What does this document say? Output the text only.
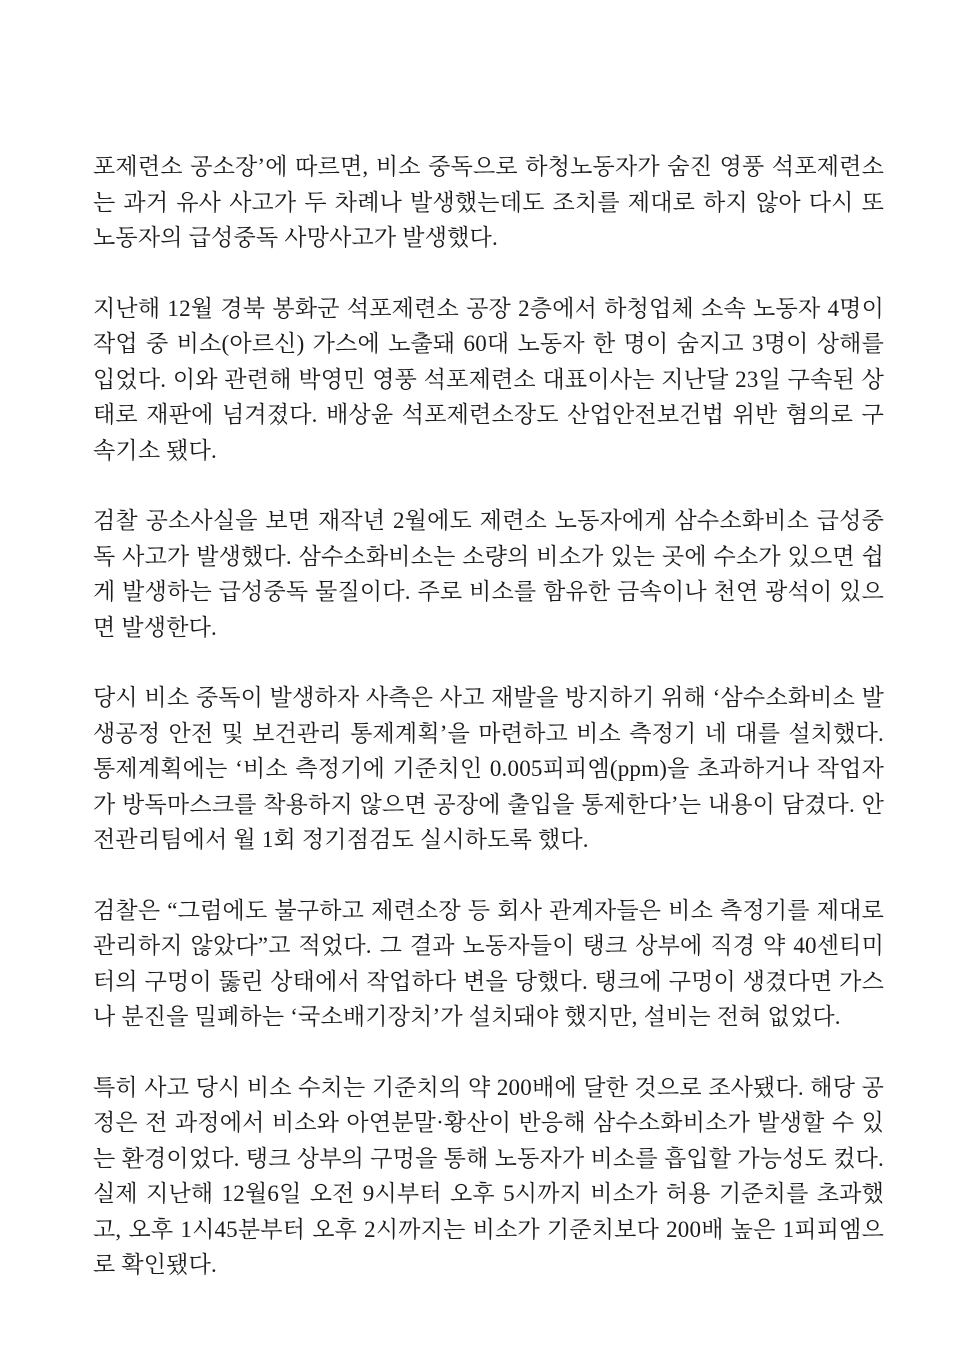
포제련소 공소장’에 따르면, 비소 중독으로 하청노동자가 숨진 영풍 석포제련소는 과거 유사 사고가 두 차례나 발생했는데도 조치를 제대로 하지 않아 다시 또 노동자의 급성중독 사망사고가 발생했다.

지난해 12월 경북 봉화군 석포제련소 공장 2층에서 하청업체 소속 노동자 4명이 작업 중 비소(아르신) 가스에 노출돼 60대 노동자 한 명이 숨지고 3명이 상해를 입었다. 이와 관련해 박영민 영풍 석포제련소 대표이사는 지난달 23일 구속된 상태로 재판에 넘겨졌다. 배상윤 석포제련소장도 산업안전보건법 위반 혐의로 구속기소 됐다.

검찰 공소사실을 보면 재작년 2월에도 제련소 노동자에게 삼수소화비소 급성중독 사고가 발생했다. 삼수소화비소는 소량의 비소가 있는 곳에 수소가 있으면 쉽게 발생하는 급성중독 물질이다. 주로 비소를 함유한 금속이나 천연 광석이 있으면 발생한다.

당시 비소 중독이 발생하자 사측은 사고 재발을 방지하기 위해 ‘삼수소화비소 발생공정 안전 및 보건관리 통제계획’을 마련하고 비소 측정기 네 대를 설치했다. 통제계획에는 ‘비소 측정기에 기준치인 0.005피피엠(ppm)을 초과하거나 작업자가 방독마스크를 착용하지 않으면 공장에 출입을 통제한다’는 내용이 담겼다. 안전관리팀에서 월 1회 정기점검도 실시하도록 했다.

검찰은 “그럼에도 불구하고 제련소장 등 회사 관계자들은 비소 측정기를 제대로 관리하지 않았다”고 적었다. 그 결과 노동자들이 탱크 상부에 직경 약 40센티미터의 구멍이 뚫린 상태에서 작업하다 변을 당했다. 탱크에 구멍이 생겼다면 가스나 분진을 밀폐하는 ‘국소배기장치’가 설치돼야 했지만, 설비는 전혀 없었다.

특히 사고 당시 비소 수치는 기준치의 약 200배에 달한 것으로 조사됐다. 해당 공정은 전 과정에서 비소와 아연분말·황산이 반응해 삼수소화비소가 발생할 수 있는 환경이었다. 탱크 상부의 구멍을 통해 노동자가 비소를 흡입할 가능성도 컸다. 실제 지난해 12월6일 오전 9시부터 오후 5시까지 비소가 허용 기준치를 초과했고, 오후 1시45분부터 오후 2시까지는 비소가 기준치보다 200배 높은 1피피엠으로 확인됐다.
